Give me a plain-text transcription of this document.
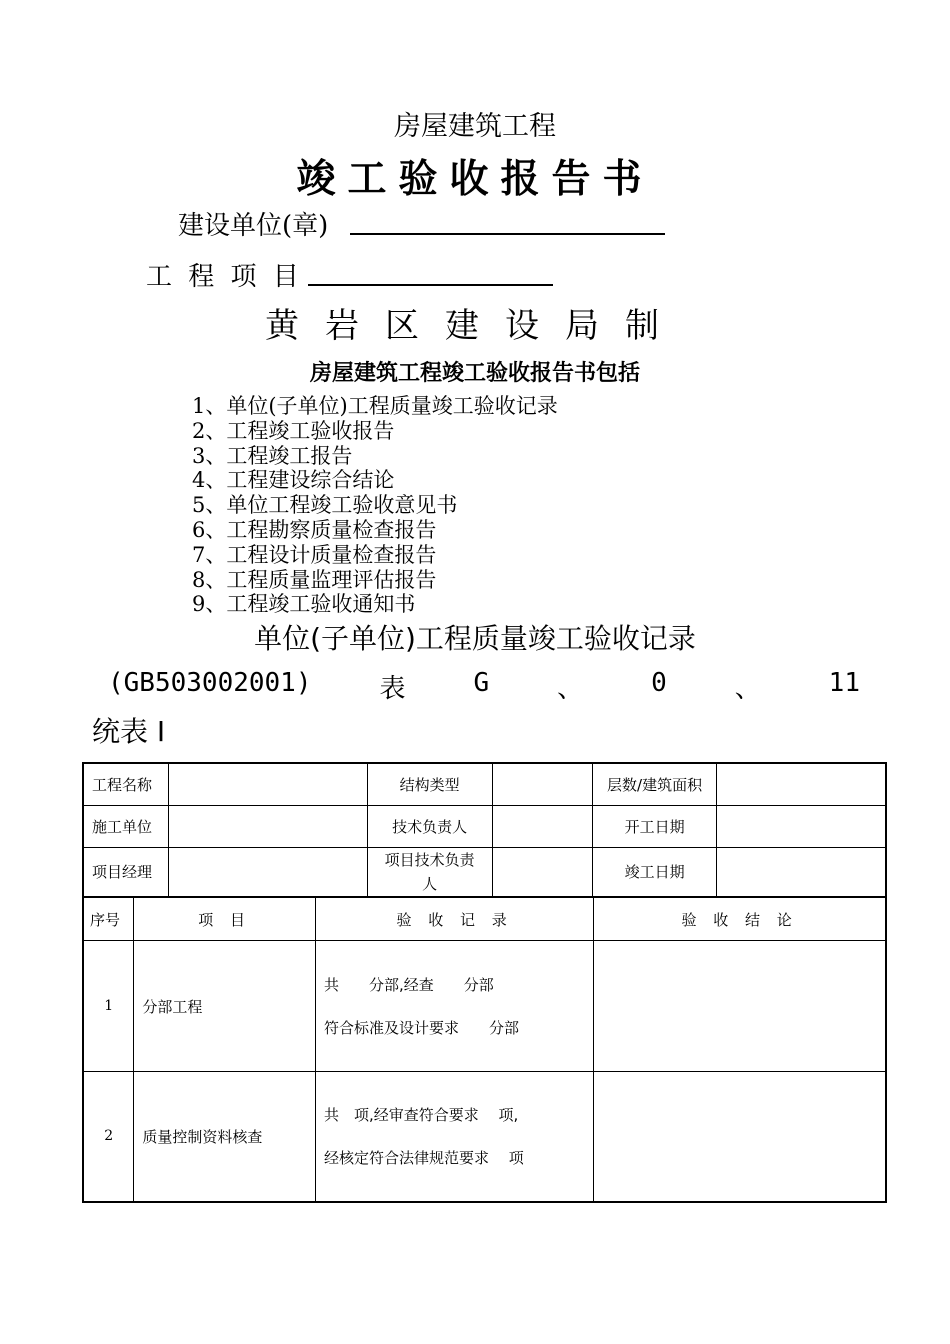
房屋建筑工程
竣工验收报告书
建设单位(章)
工 程 项 目
黄岩区建设局制
房屋建筑工程竣工验收报告书包括
1、单位(子单位)工程质量竣工验收记录
2、工程竣工验收报告
3、工程竣工报告
4、工程建设综合结论
5、单位工程竣工验收意见书
6、工程勘察质量检查报告
7、工程设计质量检查报告
8、工程质量监理评估报告
9、工程竣工验收通知书
单位(子单位)工程质量竣工验收记录
(GB503002001)	表	G	、	0	、	11
统表 I
工程名称		结构类型		层数/建筑面积	
施工单位		技术负责人		开工日期	
项目经理		项目技术负责人		竣工日期	
序号	项 目	验 收 记 录	验 收 结 论
1	分部工程	共　　分部,经查　　分部
符合标准及设计要求　　分部	

2	质量控制资料核查	共　项,经审查符合要求　 项,
经核定符合法律规范要求　 项	
